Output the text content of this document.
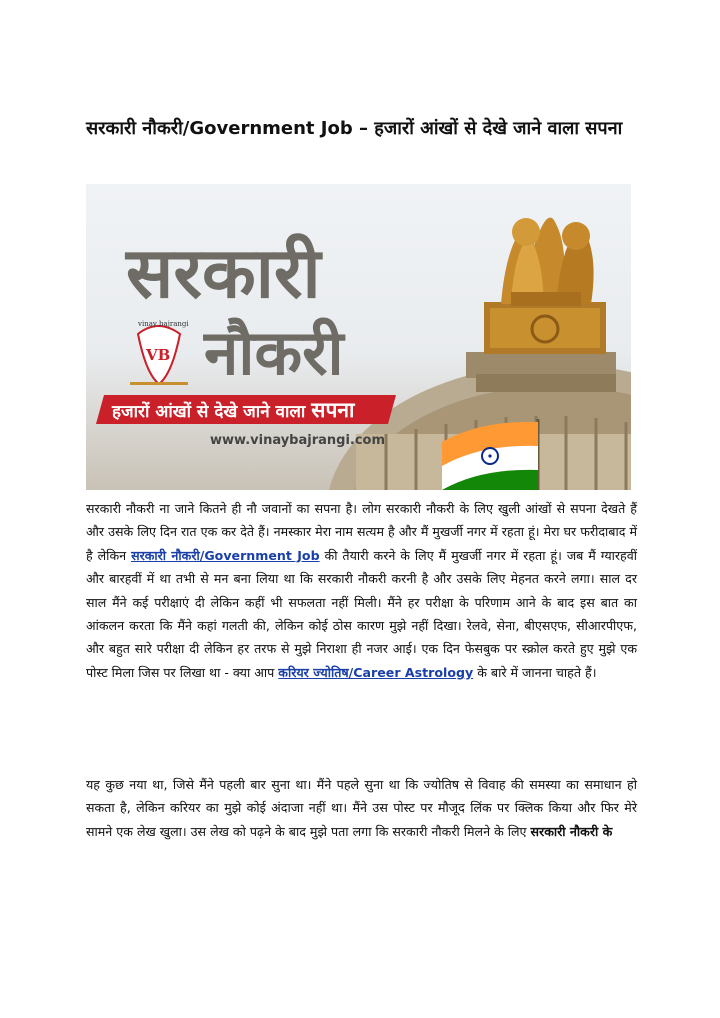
सरकारी नौकरी/Government Job – हजारों आंखों से देखे जाने वाला सपना
सरकारी
नौकरी
VB
vinay bajrangi
हजारों आंखों से देखे जाने वाला सपना
www.vinaybajrangi.com

सरकारी नौकरी ना जाने कितने ही नौ जवानों का सपना है। लोग सरकारी नौकरी के लिए खुली आंखों से सपना देखते हैं और उसके लिए दिन रात एक कर देते हैं। नमस्कार मेरा नाम सत्यम है और मैं मुखर्जी नगर में रहता हूं। मेरा घर फरीदाबाद में है लेकिन सरकारी नौकरी/Government Job की तैयारी करने के लिए मैं मुखर्जी नगर में रहता हूं। जब मैं ग्यारहवीं और बारहवीं में था तभी से मन बना लिया था कि सरकारी नौकरी करनी है और उसके लिए मेहनत करने लगा। साल दर साल मैंने कई परीक्षाएं दी लेकिन कहीं भी सफलता नहीं मिली। मैंने हर परीक्षा के परिणाम आने के बाद इस बात का आंकलन करता कि मैंने कहां गलती की, लेकिन कोई ठोस कारण मुझे नहीं दिखा। रेलवे, सेना, बीएसएफ, सीआरपीएफ, और बहुत सारे परीक्षा दी लेकिन हर तरफ से मुझे निराशा ही नजर आई। एक दिन फेसबुक पर स्क्रोल करते हुए मुझे एक पोस्ट मिला जिस पर लिखा था - क्या आप करियर ज्योतिष/Career Astrology के बारे में जानना चाहते हैं।

यह कुछ नया था, जिसे मैंने पहली बार सुना था। मैंने पहले सुना था कि ज्योतिष से विवाह की समस्या का समाधान हो सकता है, लेकिन करियर का मुझे कोई अंदाजा नहीं था। मैंने उस पोस्ट पर मौजूद लिंक पर क्लिक किया और फिर मेरे सामने एक लेख खुला। उस लेख को पढ़ने के बाद मुझे पता लगा कि सरकारी नौकरी मिलने के लिए सरकारी नौकरी के
